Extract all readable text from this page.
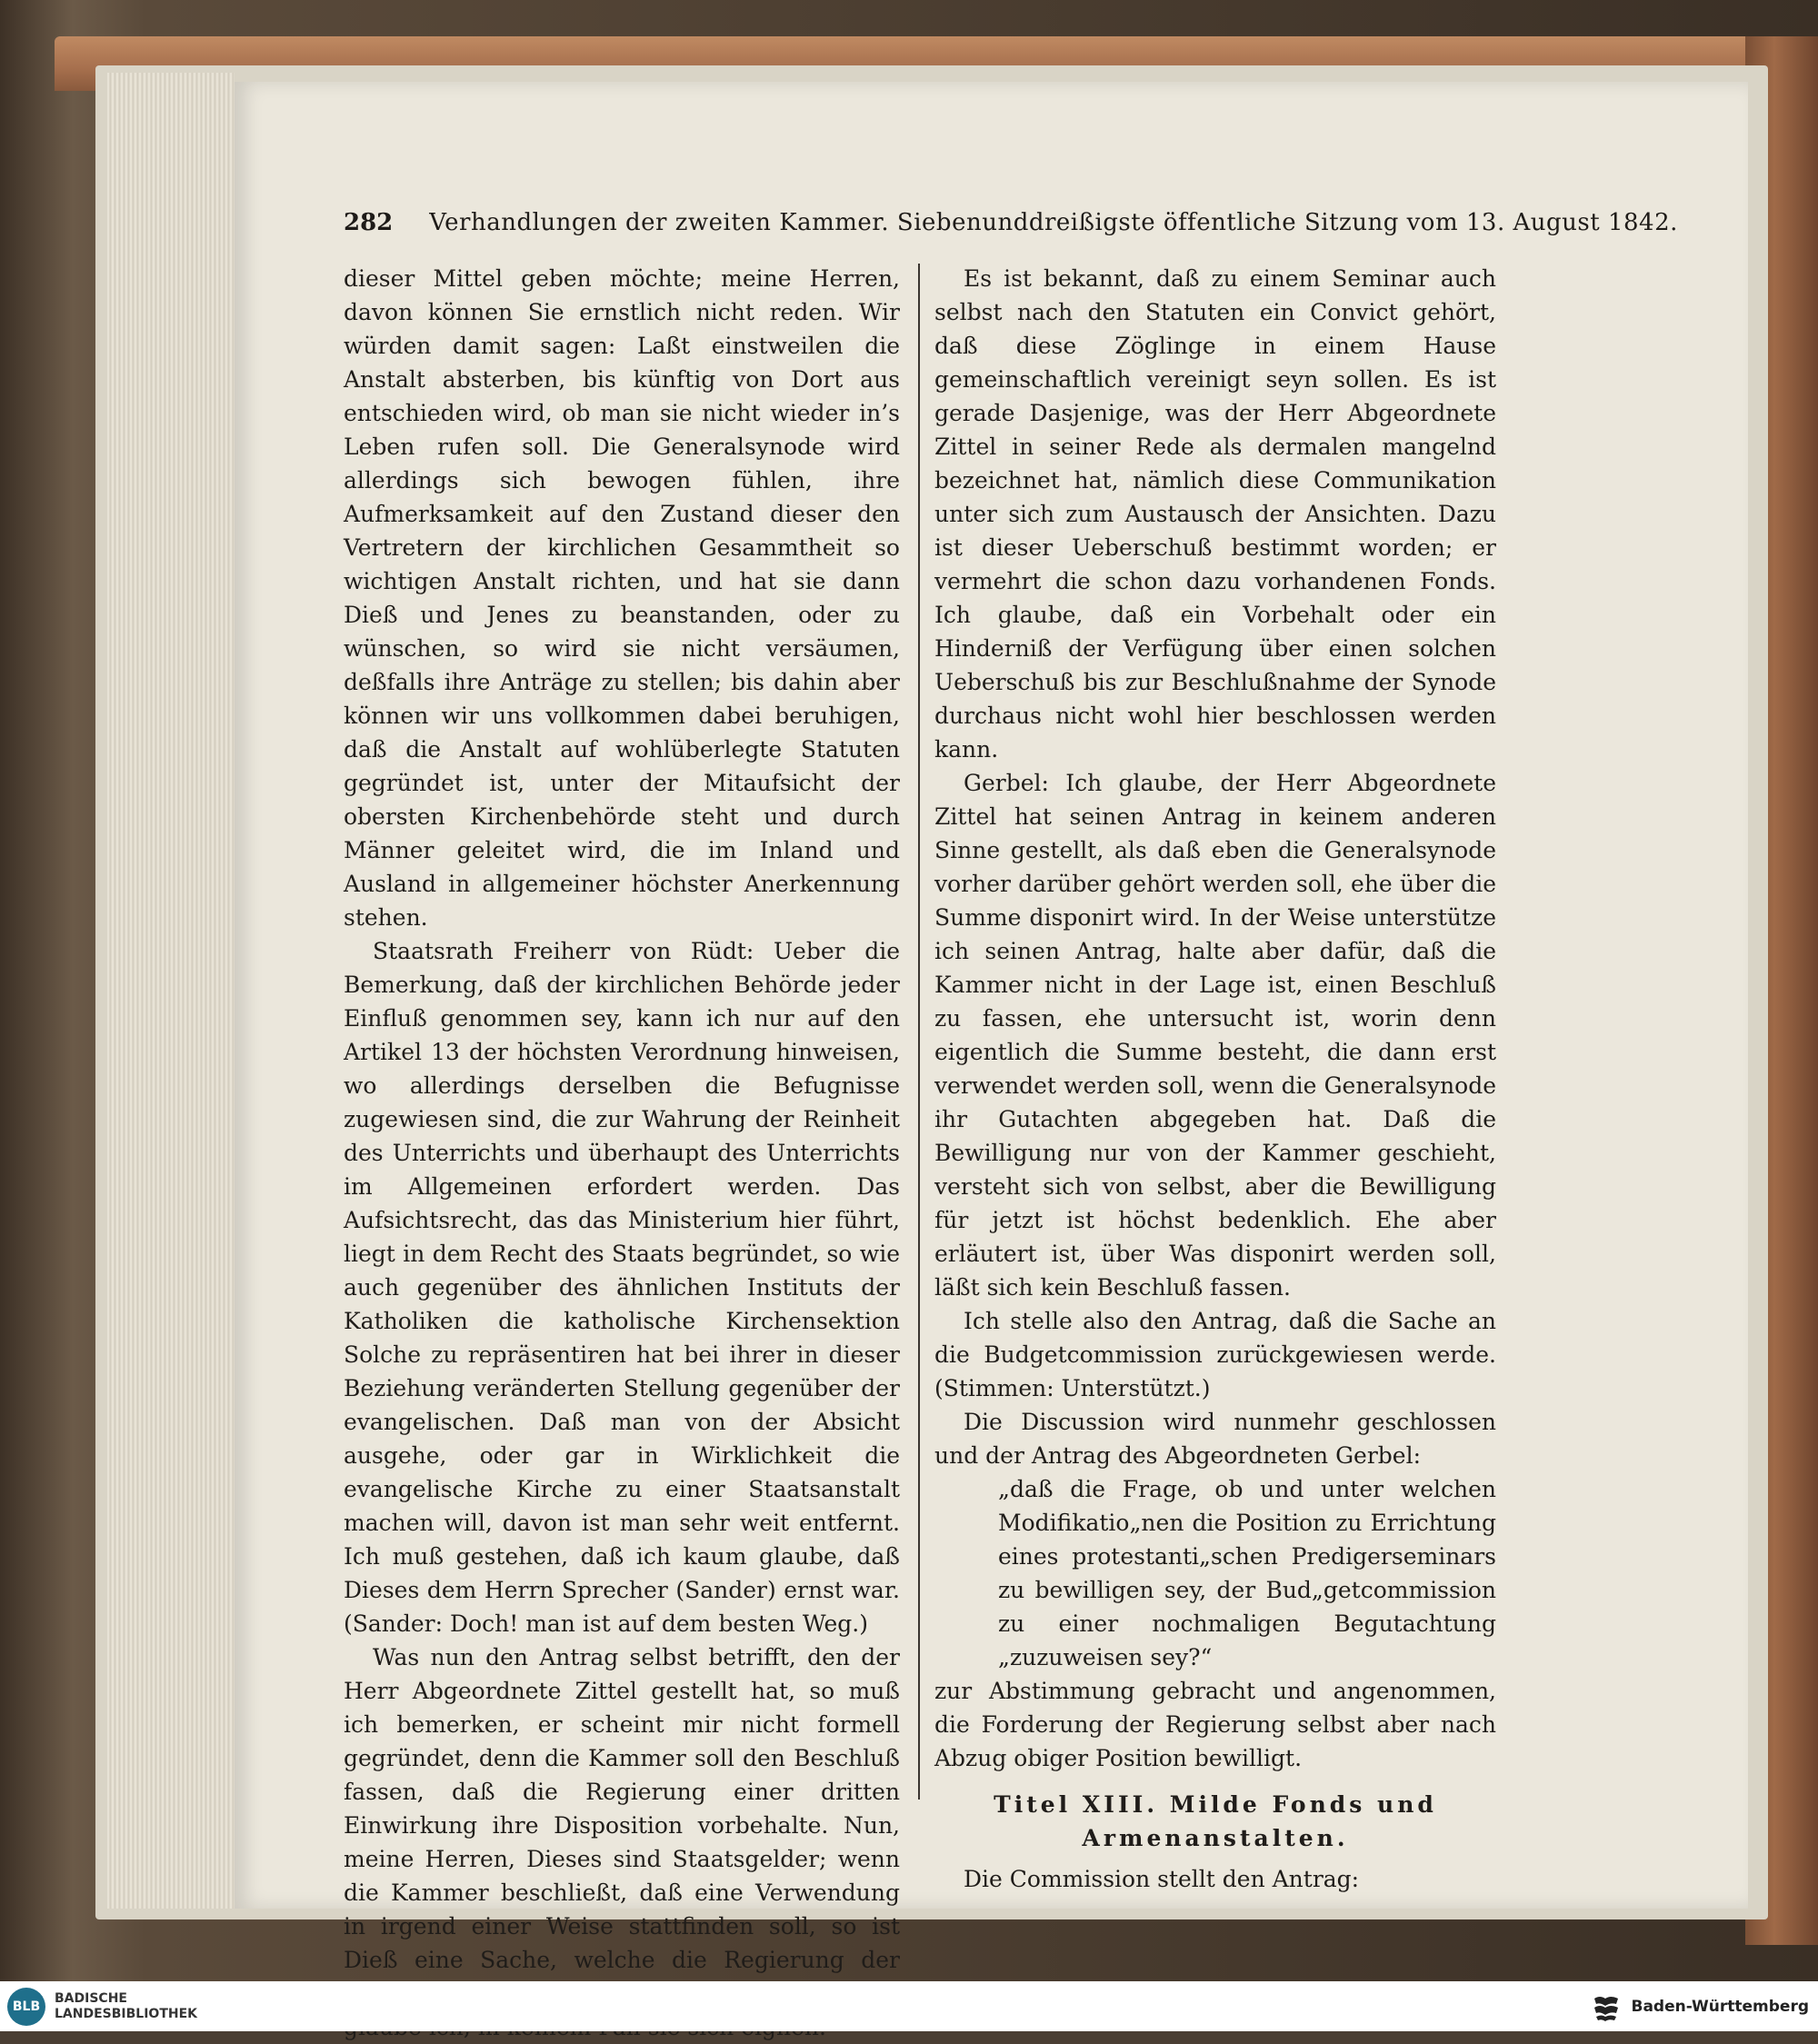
282 Verhandlungen der zweiten Kammer. Siebenunddreißigste öffentliche Sitzung vom 13. August 1842.

dieser Mittel geben möchte; meine Herren, davon können Sie ernstlich nicht reden. Wir würden damit sagen: Laßt einstweilen die Anstalt absterben, bis künftig von Dort aus entschieden wird, ob man sie nicht wieder in’s Leben rufen soll. Die Generalsynode wird allerdings sich bewogen fühlen, ihre Aufmerksamkeit auf den Zustand dieser den Vertretern der kirchlichen Gesammtheit so wichtigen Anstalt richten, und hat sie dann Dieß und Jenes zu beanstanden, oder zu wünschen, so wird sie nicht versäumen, deßfalls ihre Anträge zu stellen; bis dahin aber können wir uns vollkommen dabei beruhigen, daß die Anstalt auf wohlüberlegte Statuten gegründet ist, unter der Mitaufsicht der obersten Kirchenbehörde steht und durch Männer geleitet wird, die im Inland und Ausland in allgemeiner höchster Anerkennung stehen.

Staatsrath Freiherr von Rüdt: Ueber die Bemerkung, daß der kirchlichen Behörde jeder Einfluß genommen sey, kann ich nur auf den Artikel 13 der höchsten Verordnung hinweisen, wo allerdings derselben die Befugnisse zugewiesen sind, die zur Wahrung der Reinheit des Unterrichts und überhaupt des Unterrichts im Allgemeinen erfordert werden. Das Aufsichtsrecht, das das Ministerium hier führt, liegt in dem Recht des Staats begründet, so wie auch gegenüber des ähnlichen Instituts der Katholiken die katholische Kirchensektion Solche zu repräsentiren hat bei ihrer in dieser Beziehung veränderten Stellung gegenüber der evangelischen. Daß man von der Absicht ausgehe, oder gar in Wirklichkeit die evangelische Kirche zu einer Staatsanstalt machen will, davon ist man sehr weit entfernt. Ich muß gestehen, daß ich kaum glaube, daß Dieses dem Herrn Sprecher (Sander) ernst war. (Sander: Doch! man ist auf dem besten Weg.)

Was nun den Antrag selbst betrifft, den der Herr Abgeordnete Zittel gestellt hat, so muß ich bemerken, er scheint mir nicht formell gegründet, denn die Kammer soll den Beschluß fassen, daß die Regierung einer dritten Einwirkung ihre Disposition vorbehalte. Nun, meine Herren, Dieses sind Staatsgelder; wenn die Kammer beschließt, daß eine Verwendung in irgend einer Weise stattfinden soll, so ist Dieß eine Sache, welche die Regierung der

Es ist bekannt, daß zu einem Seminar auch selbst nach den Statuten ein Convict gehört, daß diese Zöglinge in einem Hause gemeinschaftlich vereinigt seyn sollen. Es ist gerade Dasjenige, was der Herr Abgeordnete Zittel in seiner Rede als dermalen mangelnd bezeichnet hat, nämlich diese Communikation unter sich zum Austausch der Ansichten. Dazu ist dieser Ueberschuß bestimmt worden; er vermehrt die schon dazu vorhandenen Fonds. Ich glaube, daß ein Vorbehalt oder ein Hinderniß der Verfügung über einen solchen Ueberschuß bis zur Beschlußnahme der Synode durchaus nicht wohl hier beschlossen werden kann.

Gerbel: Ich glaube, der Herr Abgeordnete Zittel hat seinen Antrag in keinem anderen Sinne gestellt, als daß eben die Generalsynode vorher darüber gehört werden soll, ehe über die Summe disponirt wird. In der Weise unterstütze ich seinen Antrag, halte aber dafür, daß die Kammer nicht in der Lage ist, einen Beschluß zu fassen, ehe untersucht ist, worin denn eigentlich die Summe besteht, die dann erst verwendet werden soll, wenn die Generalsynode ihr Gutachten abgegeben hat. Daß die Bewilligung nur von der Kammer geschieht, versteht sich von selbst, aber die Bewilligung für jetzt ist höchst bedenklich. Ehe aber erläutert ist, über Was disponirt werden soll, läßt sich kein Beschluß fassen.

Ich stelle also den Antrag, daß die Sache an die Budgetcommission zurückgewiesen werde. (Stimmen: Unterstützt.)

Die Discussion wird nunmehr geschlossen und der Antrag des Abgeordneten Gerbel:

„daß die Frage, ob und unter welchen Modifikatio„nen die Position zu Errichtung eines protestanti„schen Predigerseminars zu bewilligen sey, der Bud„getcommission zu einer nochmaligen Begutachtung „zuzuweisen sey?“

zur Abstimmung gebracht und angenommen, die Forderung der Regierung selbst aber nach Abzug obiger Position bewilligt.

Titel XIII. Milde Fonds und Armenanstalten.

Die Commission stellt den Antrag:

BLB
BADISCHE
LANDESBIBLIOTHEK	Baden-Württemberg
